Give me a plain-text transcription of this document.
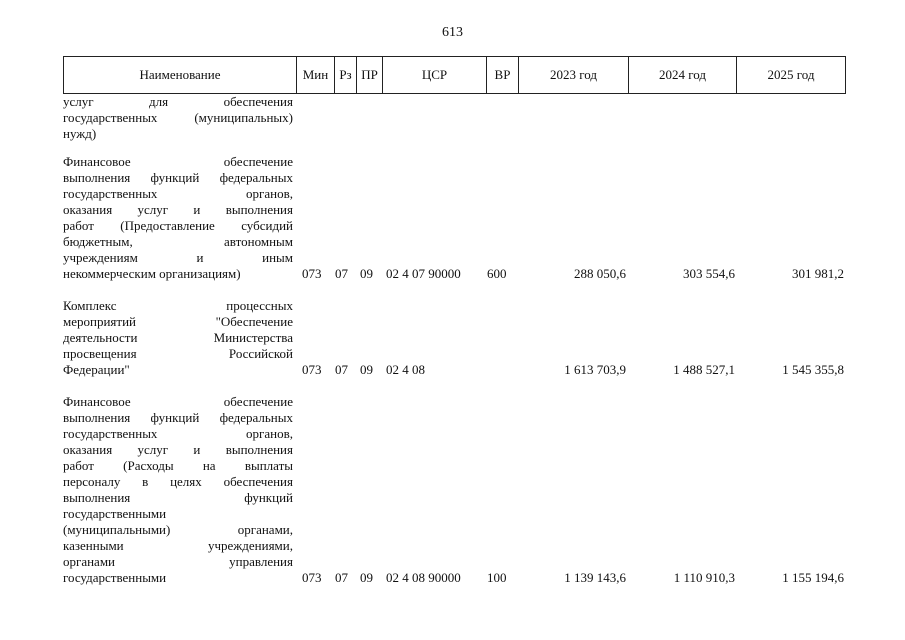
613
Наименование	Мин Рз ПР	ЦСР	ВР	2023 год	2024 год	2025 год
услуг для обеспечения
государственных (муниципальных)
нужд)
Финансовое обеспечение
выполнения функций федеральных
государственных органов,
оказания услуг и выполнения
работ (Предоставление субсидий
бюджетным, автономным
учреждениям и иным
некоммерческим организациям)	073 07 09 02 4 07 90000 600	288 050,6	303 554,6	301 981,2
Комплекс процессных
мероприятий "Обеспечение
деятельности Министерства
просвещения Российской
Федерации"	073 07 09 02 4 08	1 613 703,9	1 488 527,1	1 545 355,8
Финансовое обеспечение
выполнения функций федеральных
государственных органов,
оказания услуг и выполнения
работ (Расходы на выплаты
персоналу в целях обеспечения
выполнения функций
государственными
(муниципальными) органами,
казенными учреждениями,
органами управления
государственными	073 07 09 02 4 08 90000 100	1 139 143,6	1 110 910,3	1 155 194,6
